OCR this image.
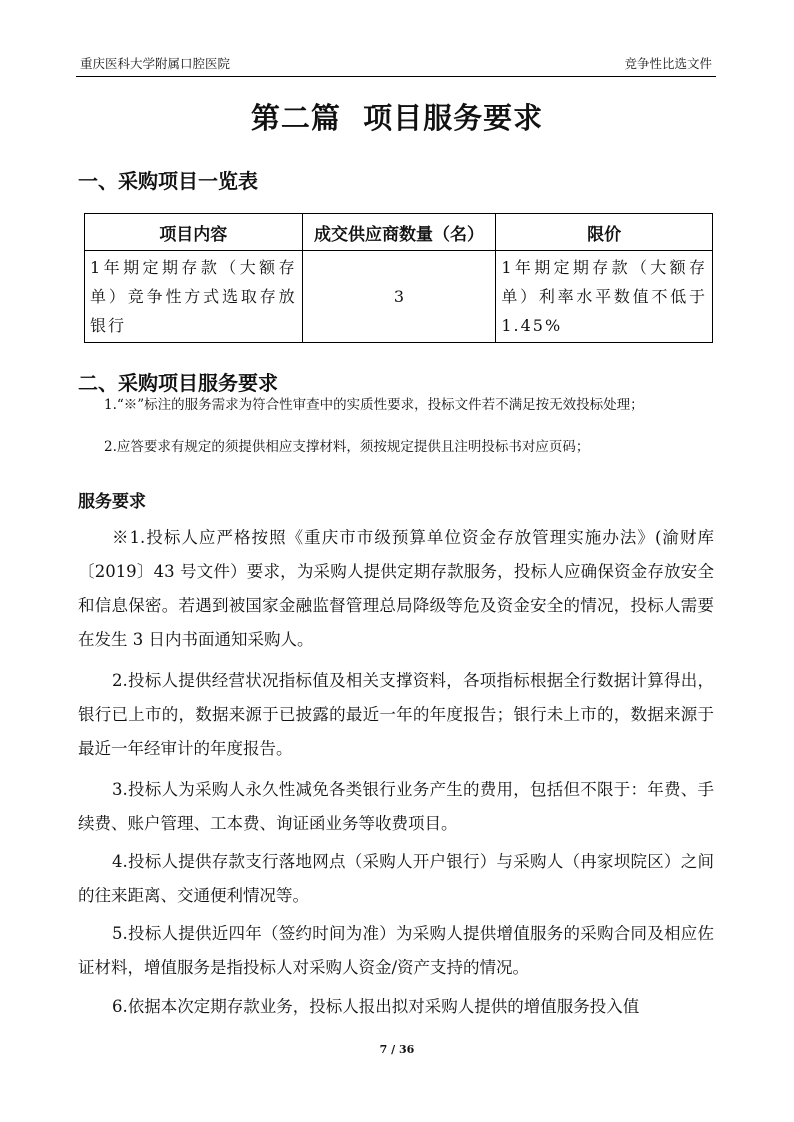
重庆医科大学附属口腔医院	竞争性比选文件
第二篇  项目服务要求
一、采购项目一览表
项目内容	成交供应商数量（名）	限价
1年期定期存款（大额存单）竞争性方式选取存放银行	3	1年期定期存款（大额存单）利率水平数值不低于1.45%
二、采购项目服务要求
1.“※”标注的服务需求为符合性审查中的实质性要求，投标文件若不满足按无效投标处理；
2.应答要求有规定的须提供相应支撑材料，须按规定提供且注明投标书对应页码；
服务要求

※1.投标人应严格按照《重庆市市级预算单位资金存放管理实施办法》(渝财库〔2019〕43 号文件）要求，为采购人提供定期存款服务，投标人应确保资金存放安全和信息保密。若遇到被国家金融监督管理总局降级等危及资金安全的情况，投标人需要在发生 3 日内书面通知采购人。

2.投标人提供经营状况指标值及相关支撑资料，各项指标根据全行数据计算得出，银行已上市的，数据来源于已披露的最近一年的年度报告；银行未上市的，数据来源于最近一年经审计的年度报告。

3.投标人为采购人永久性减免各类银行业务产生的费用，包括但不限于：年费、手续费、账户管理、工本费、询证函业务等收费项目。

4.投标人提供存款支行落地网点（采购人开户银行）与采购人（冉家坝院区）之间的往来距离、交通便利情况等。

5.投标人提供近四年（签约时间为准）为采购人提供增值服务的采购合同及相应佐证材料，增值服务是指投标人对采购人资金/资产支持的情况。

6.依据本次定期存款业务，投标人报出拟对采购人提供的增值服务投入值

7 / 36
